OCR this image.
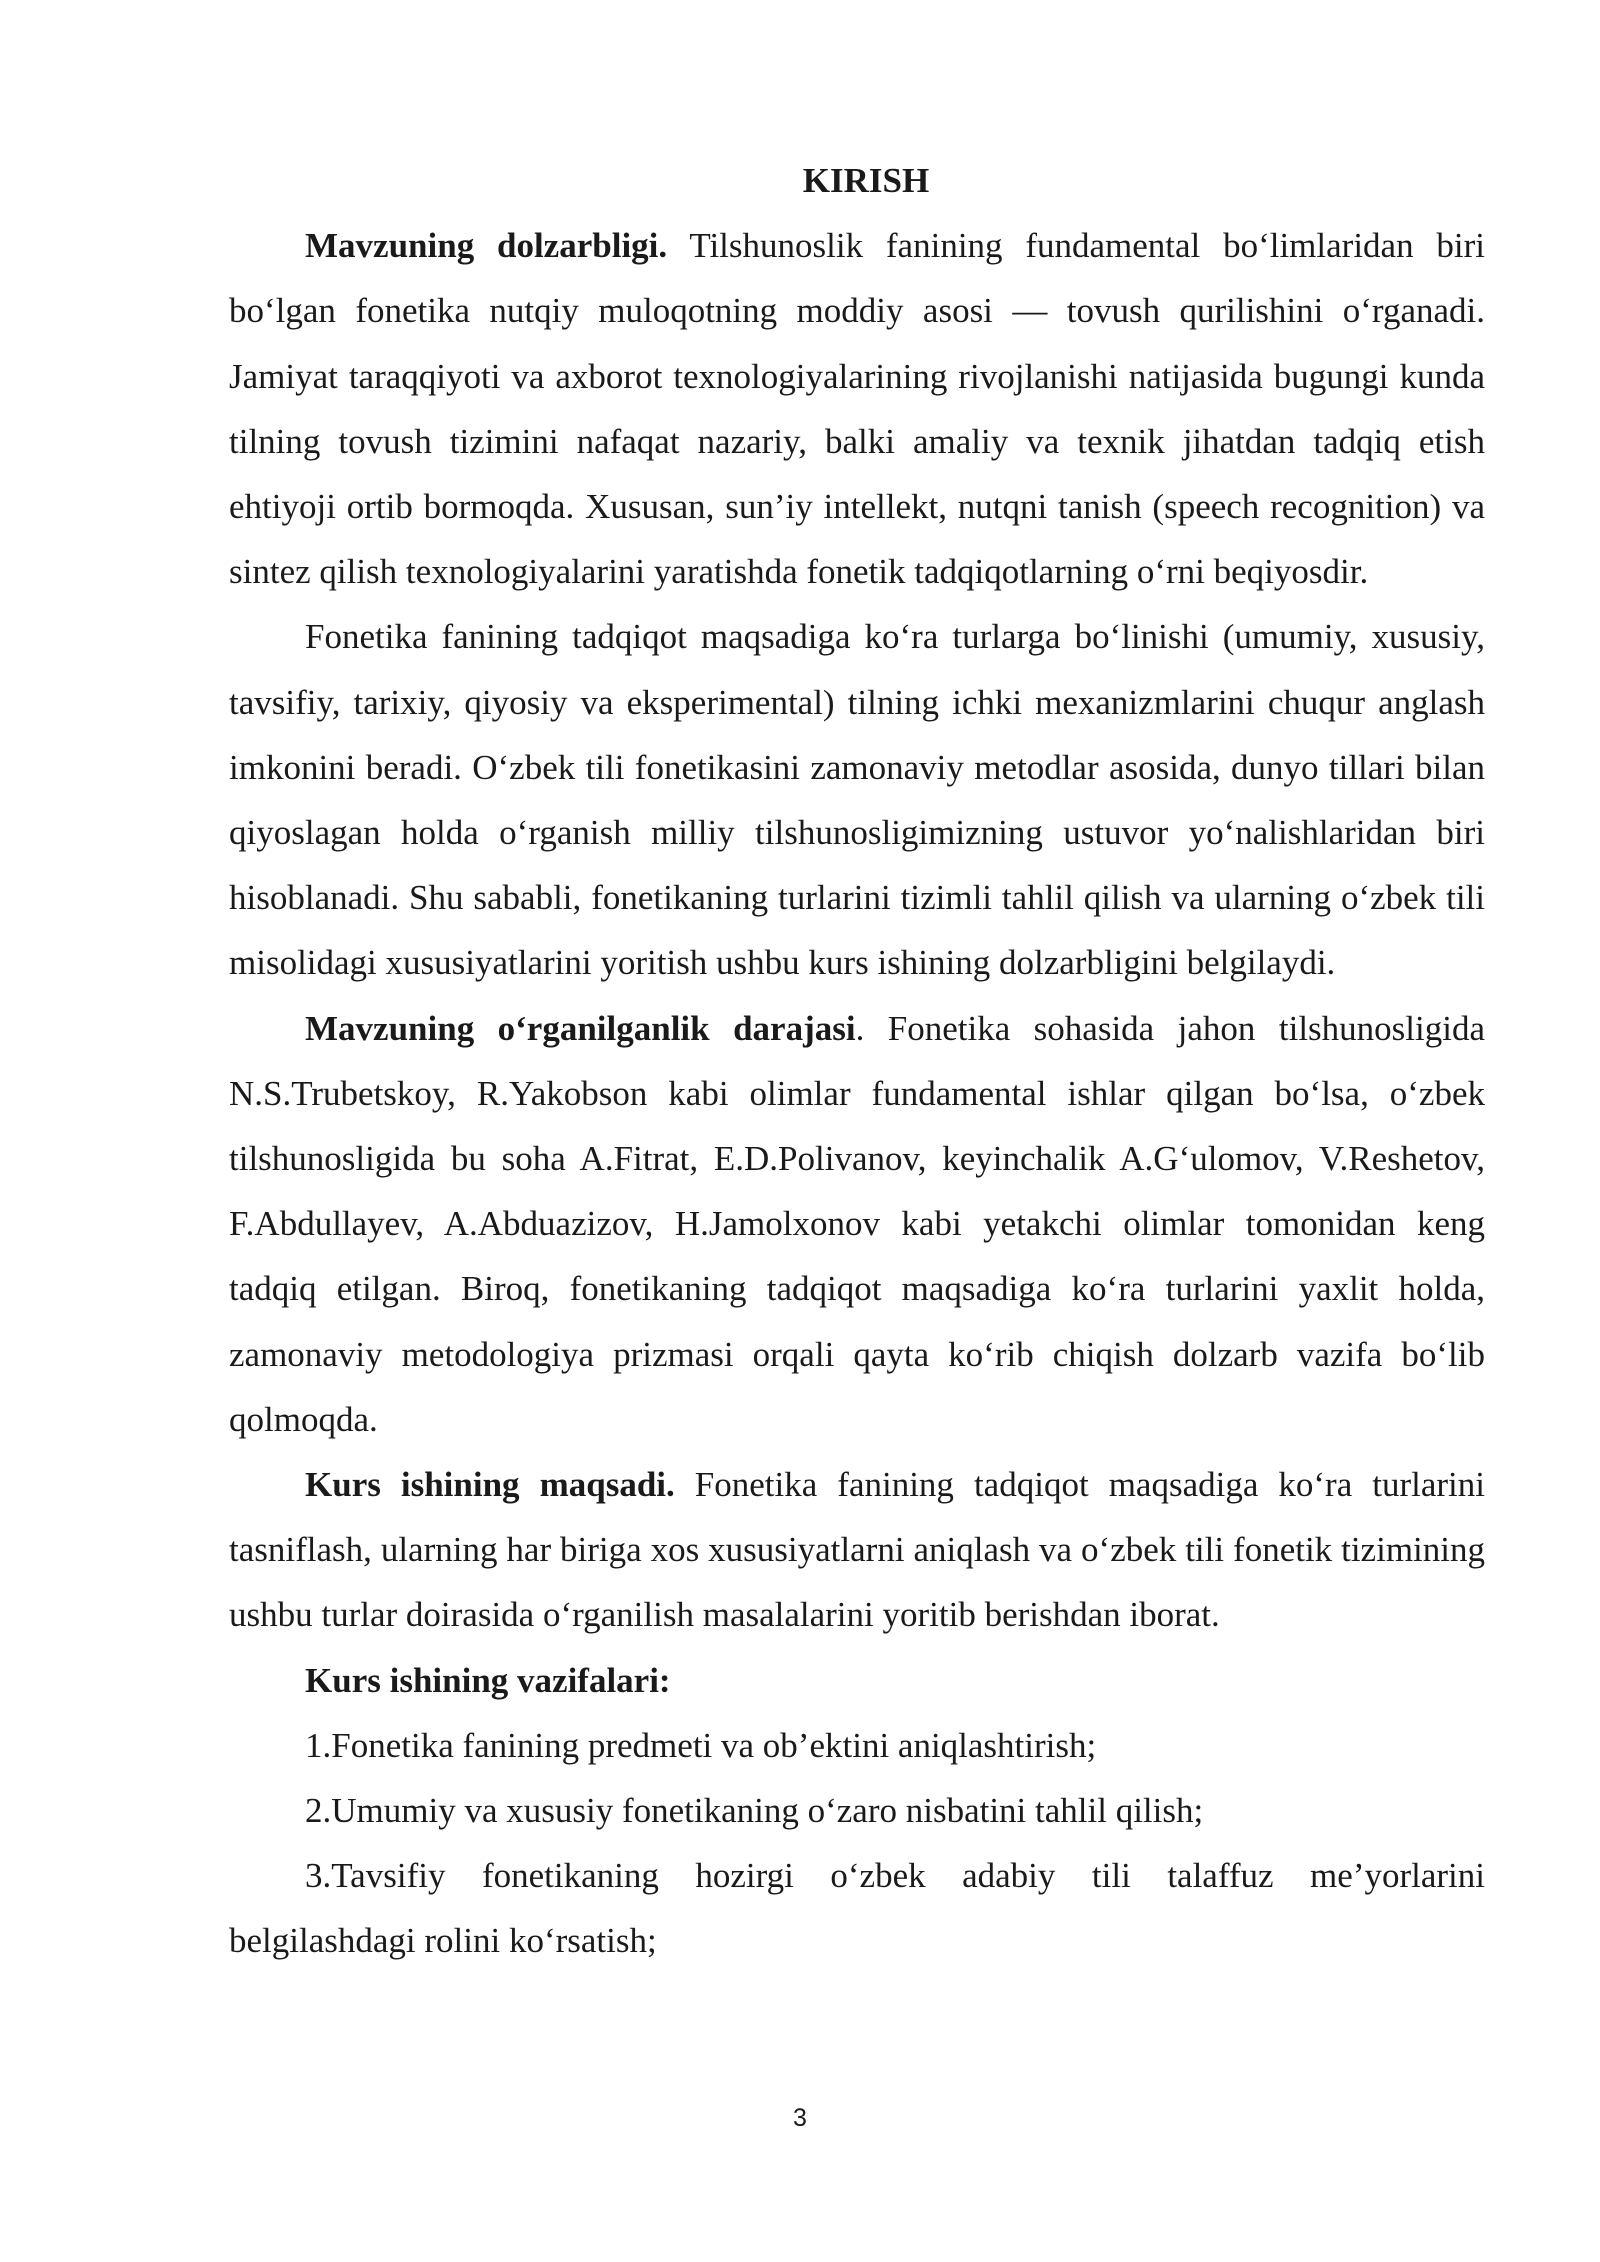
KIRISH

Mavzuning dolzarbligi. Tilshunoslik fanining fundamental bo‘limlaridan biri bo‘lgan fonetika nutqiy muloqotning moddiy asosi — tovush qurilishini o‘rganadi. Jamiyat taraqqiyoti va axborot texnologiyalarining rivojlanishi natijasida bugungi kunda tilning tovush tizimini nafaqat nazariy, balki amaliy va texnik jihatdan tadqiq etish ehtiyoji ortib bormoqda. Xususan, sun’iy intellekt, nutqni tanish (speech recognition) va sintez qilish texnologiyalarini yaratishda fonetik tadqiqotlarning o‘rni beqiyosdir.

Fonetika fanining tadqiqot maqsadiga ko‘ra turlarga bo‘linishi (umumiy, xususiy, tavsifiy, tarixiy, qiyosiy va eksperimental) tilning ichki mexanizmlarini chuqur anglash imkonini beradi. O‘zbek tili fonetikasini zamonaviy metodlar asosida, dunyo tillari bilan qiyoslagan holda o‘rganish milliy tilshunosligimizning ustuvor yo‘nalishlaridan biri hisoblanadi. Shu sababli, fonetikaning turlarini tizimli tahlil qilish va ularning o‘zbek tili misolidagi xususiyatlarini yoritish ushbu kurs ishining dolzarbligini belgilaydi.

Mavzuning o‘rganilganlik darajasi. Fonetika sohasida jahon tilshunosligida N.S.Trubetskoy, R.Yakobson kabi olimlar fundamental ishlar qilgan bo‘lsa, o‘zbek tilshunosligida bu soha A.Fitrat, E.D.Polivanov, keyinchalik A.G‘ulomov, V.Reshetov, F.Abdullayev, A.Abduazizov, H.Jamolxonov kabi yetakchi olimlar tomonidan keng tadqiq etilgan. Biroq, fonetikaning tadqiqot maqsadiga ko‘ra turlarini yaxlit holda, zamonaviy metodologiya prizmasi orqali qayta ko‘rib chiqish dolzarb vazifa bo‘lib qolmoqda.

Kurs ishining maqsadi. Fonetika fanining tadqiqot maqsadiga ko‘ra turlarini tasniflash, ularning har biriga xos xususiyatlarni aniqlash va o‘zbek tili fonetik tizimining ushbu turlar doirasida o‘rganilish masalalarini yoritib berishdan iborat.

Kurs ishining vazifalari:

1.Fonetika fanining predmeti va ob’ektini aniqlashtirish;

2.Umumiy va xususiy fonetikaning o‘zaro nisbatini tahlil qilish;

3.Tavsifiy fonetikaning hozirgi o‘zbek adabiy tili talaffuz me’yorlarini belgilashdagi rolini ko‘rsatish;

3
